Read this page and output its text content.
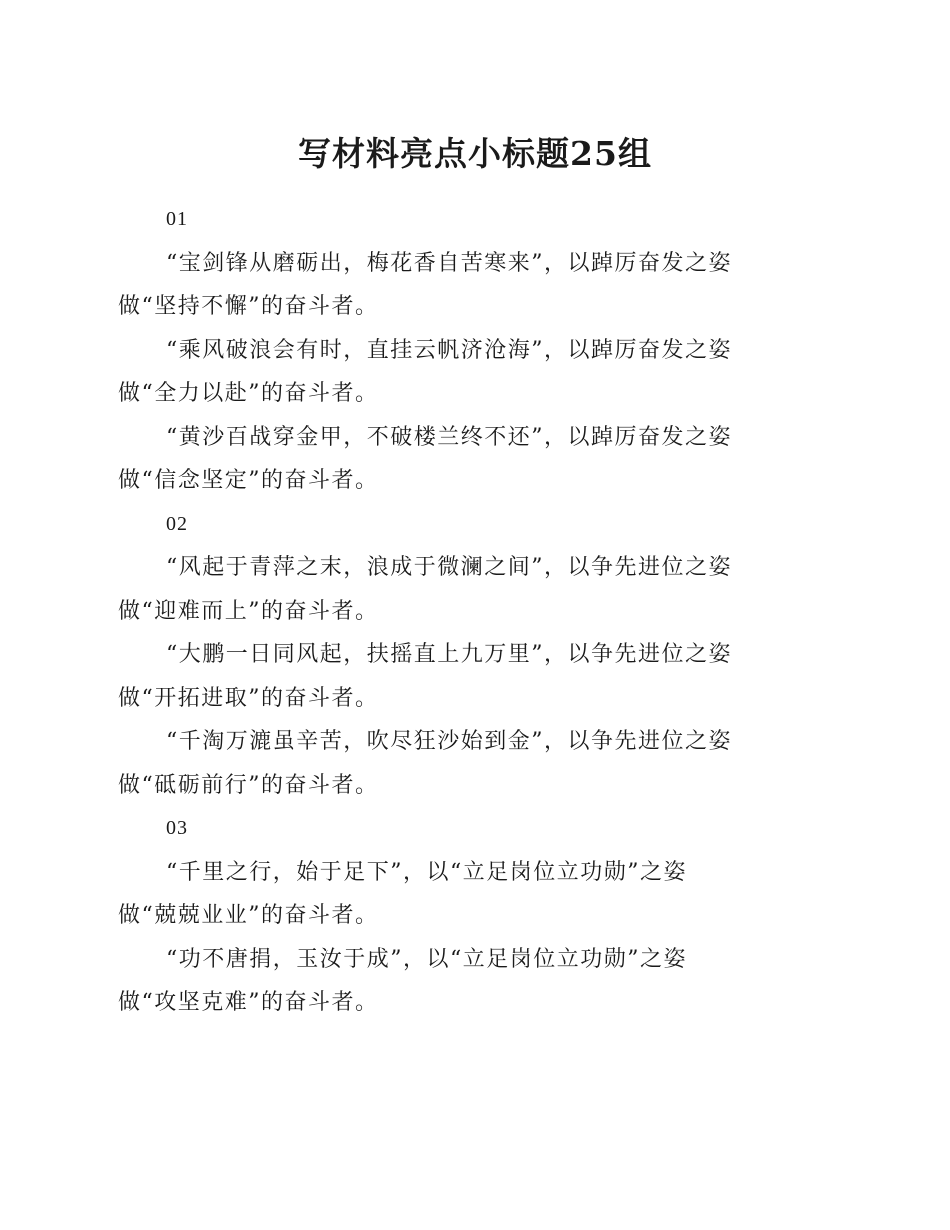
写材料亮点小标题25组
01
“宝剑锋从磨砺出，梅花香自苦寒来”，以踔厉奋发之姿
做“坚持不懈”的奋斗者。
“乘风破浪会有时，直挂云帆济沧海”，以踔厉奋发之姿
做“全力以赴”的奋斗者。
“黄沙百战穿金甲，不破楼兰终不还”，以踔厉奋发之姿
做“信念坚定”的奋斗者。
02
“风起于青萍之末，浪成于微澜之间”，以争先进位之姿
做“迎难而上”的奋斗者。
“大鹏一日同风起，扶摇直上九万里”，以争先进位之姿
做“开拓进取”的奋斗者。
“千淘万漉虽辛苦，吹尽狂沙始到金”，以争先进位之姿
做“砥砺前行”的奋斗者。
03
“千里之行，始于足下”，以“立足岗位立功勋”之姿
做“兢兢业业”的奋斗者。
“功不唐捐，玉汝于成”，以“立足岗位立功勋”之姿
做“攻坚克难”的奋斗者。
